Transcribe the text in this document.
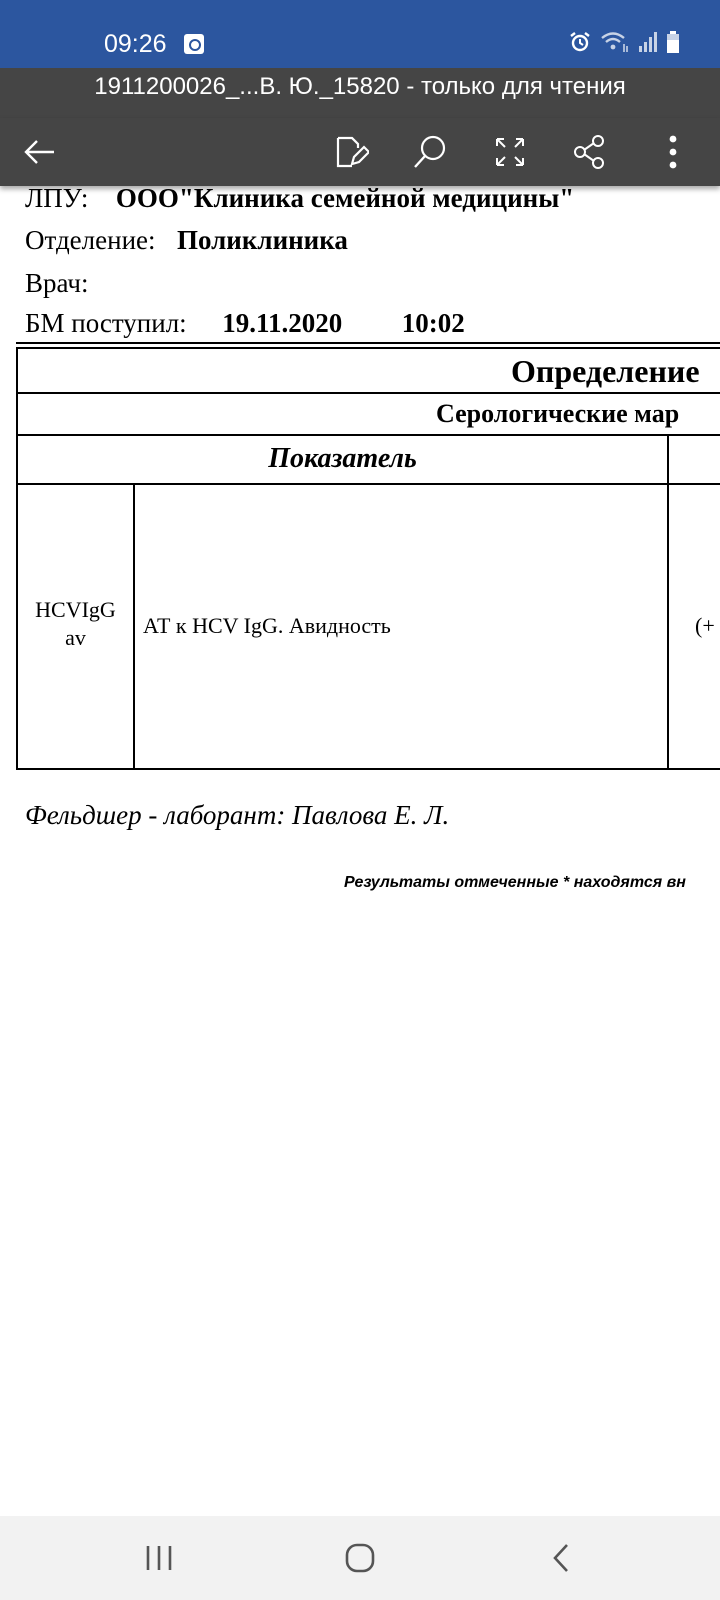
09:26
1911200026_...В. Ю._15820 - только для чтения
ЛПУ: ООО"Клиника семейной медицины"
Отделение: Поликлиника
Врач:
БМ поступил: 19.11.2020 10:02
Определение
Серологические мар
Показатель
HCVIgG
av	АТ к HCV IgG. Авидность	(+
Фельдшер - лаборант: Павлова Е. Л.
Результаты отмеченные * находятся вн
